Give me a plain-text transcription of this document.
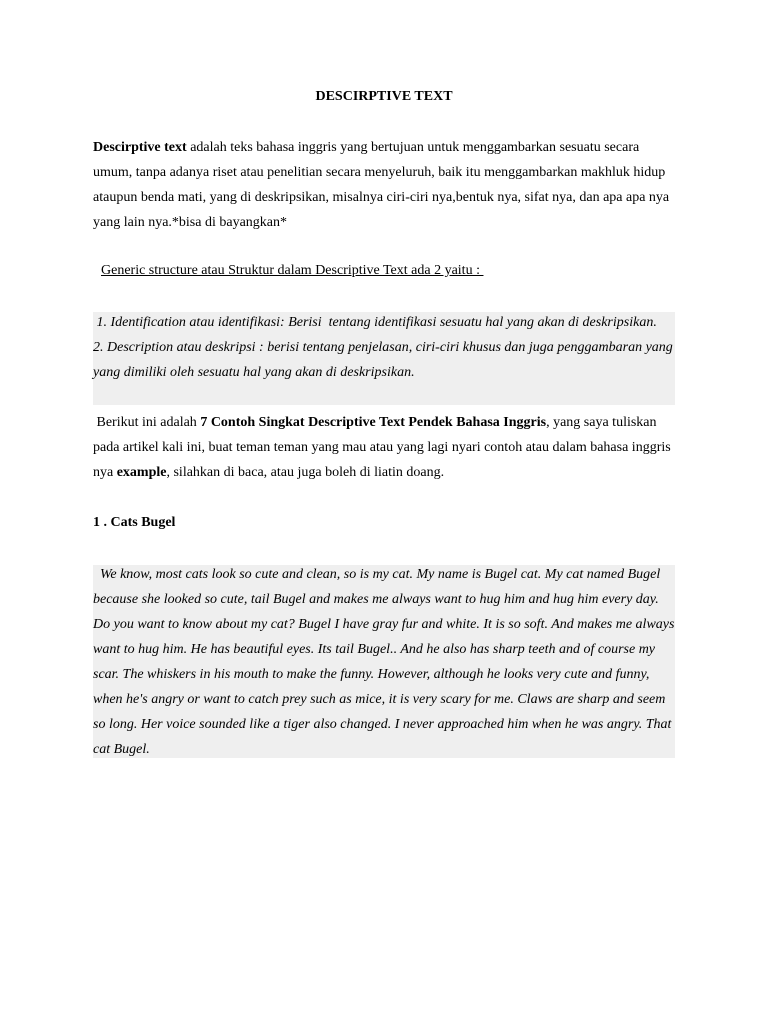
DESCIRPTIVE TEXT

Descirptive text adalah teks bahasa inggris yang bertujuan untuk menggambarkan sesuatu secara umum, tanpa adanya riset atau penelitian secara menyeluruh, baik itu menggambarkan makhluk hidup ataupun benda mati, yang di deskripsikan, misalnya ciri-ciri nya,bentuk nya, sifat nya, dan apa apa nya yang lain nya.*bisa di bayangkan*

Generic structure atau Struktur dalam Descriptive Text ada 2 yaitu :
1. Identification atau identifikasi: Berisi  tentang identifikasi sesuatu hal yang akan di deskripsikan.
2. Description atau deskripsi : berisi tentang penjelasan, ciri-ciri khusus dan juga penggambaran yang yang dimiliki oleh sesuatu hal yang akan di deskripsikan.

Berikut ini adalah 7 Contoh Singkat Descriptive Text Pendek Bahasa Inggris, yang saya tuliskan pada artikel kali ini, buat teman teman yang mau atau yang lagi nyari contoh atau dalam bahasa inggris nya example, silahkan di baca, atau juga boleh di liatin doang.

1 . Cats Bugel

We know, most cats look so cute and clean, so is my cat. My name is Bugel cat. My cat named Bugel because she looked so cute, tail Bugel and makes me always want to hug him and hug him every day. Do you want to know about my cat? Bugel I have gray fur and white. It is so soft. And makes me always want to hug him. He has beautiful eyes. Its tail Bugel.. And he also has sharp teeth and of course my scar. The whiskers in his mouth to make the funny. However, although he looks very cute and funny, when he's angry or want to catch prey such as mice, it is very scary for me. Claws are sharp and seem so long. Her voice sounded like a tiger also changed. I never approached him when he was angry. That cat Bugel.
